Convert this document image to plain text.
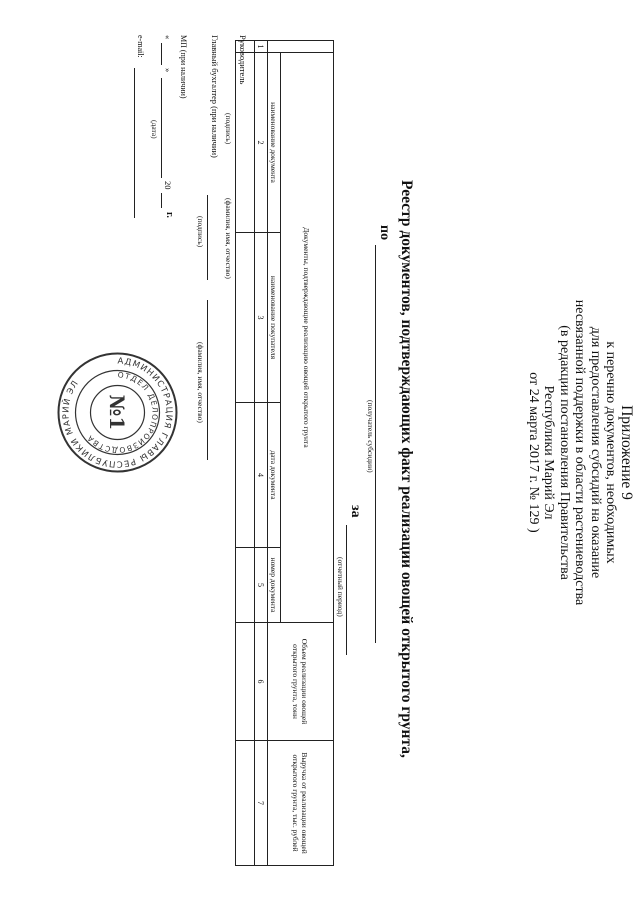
Приложение 9
к перечню документов, необходимых
для предоставления субсидий на оказание
несвязанной поддержки в области растениеводства
(в редакции постановления Правительства
Республики Марий Эл
от 24 марта 2017 г. № 129 )
Реестр документов, подтверждающих факт реализации овощей открытого грунта,
по
(получатель субсидии)
за
(отчетный период)
	Документы, подтверждающие реализацию овощей открытого грунта				Объем реализации овощей открытого грунта, тонн	Выручка от реализации овощей открытого грунта, тыс. рублей
	наименование документа	наименование покупателя	дата документа	номер документа		
1	2	3	4	5	6	7

Руководитель
(подпись)
(фамилия, имя, отчество)
Главный бухгалтер (при наличии)
(подпись)
(фамилия, имя, отчество)
МП (при наличии)
«
»
20
г.
(дата)
e-mail:
АДМИНИСТРАЦИЯ ГЛАВЫ РЕСПУБЛИКИ МАРИЙ ЭЛ
ОТДЕЛ ДЕЛОПРОИЗВОДСТВА
№1
